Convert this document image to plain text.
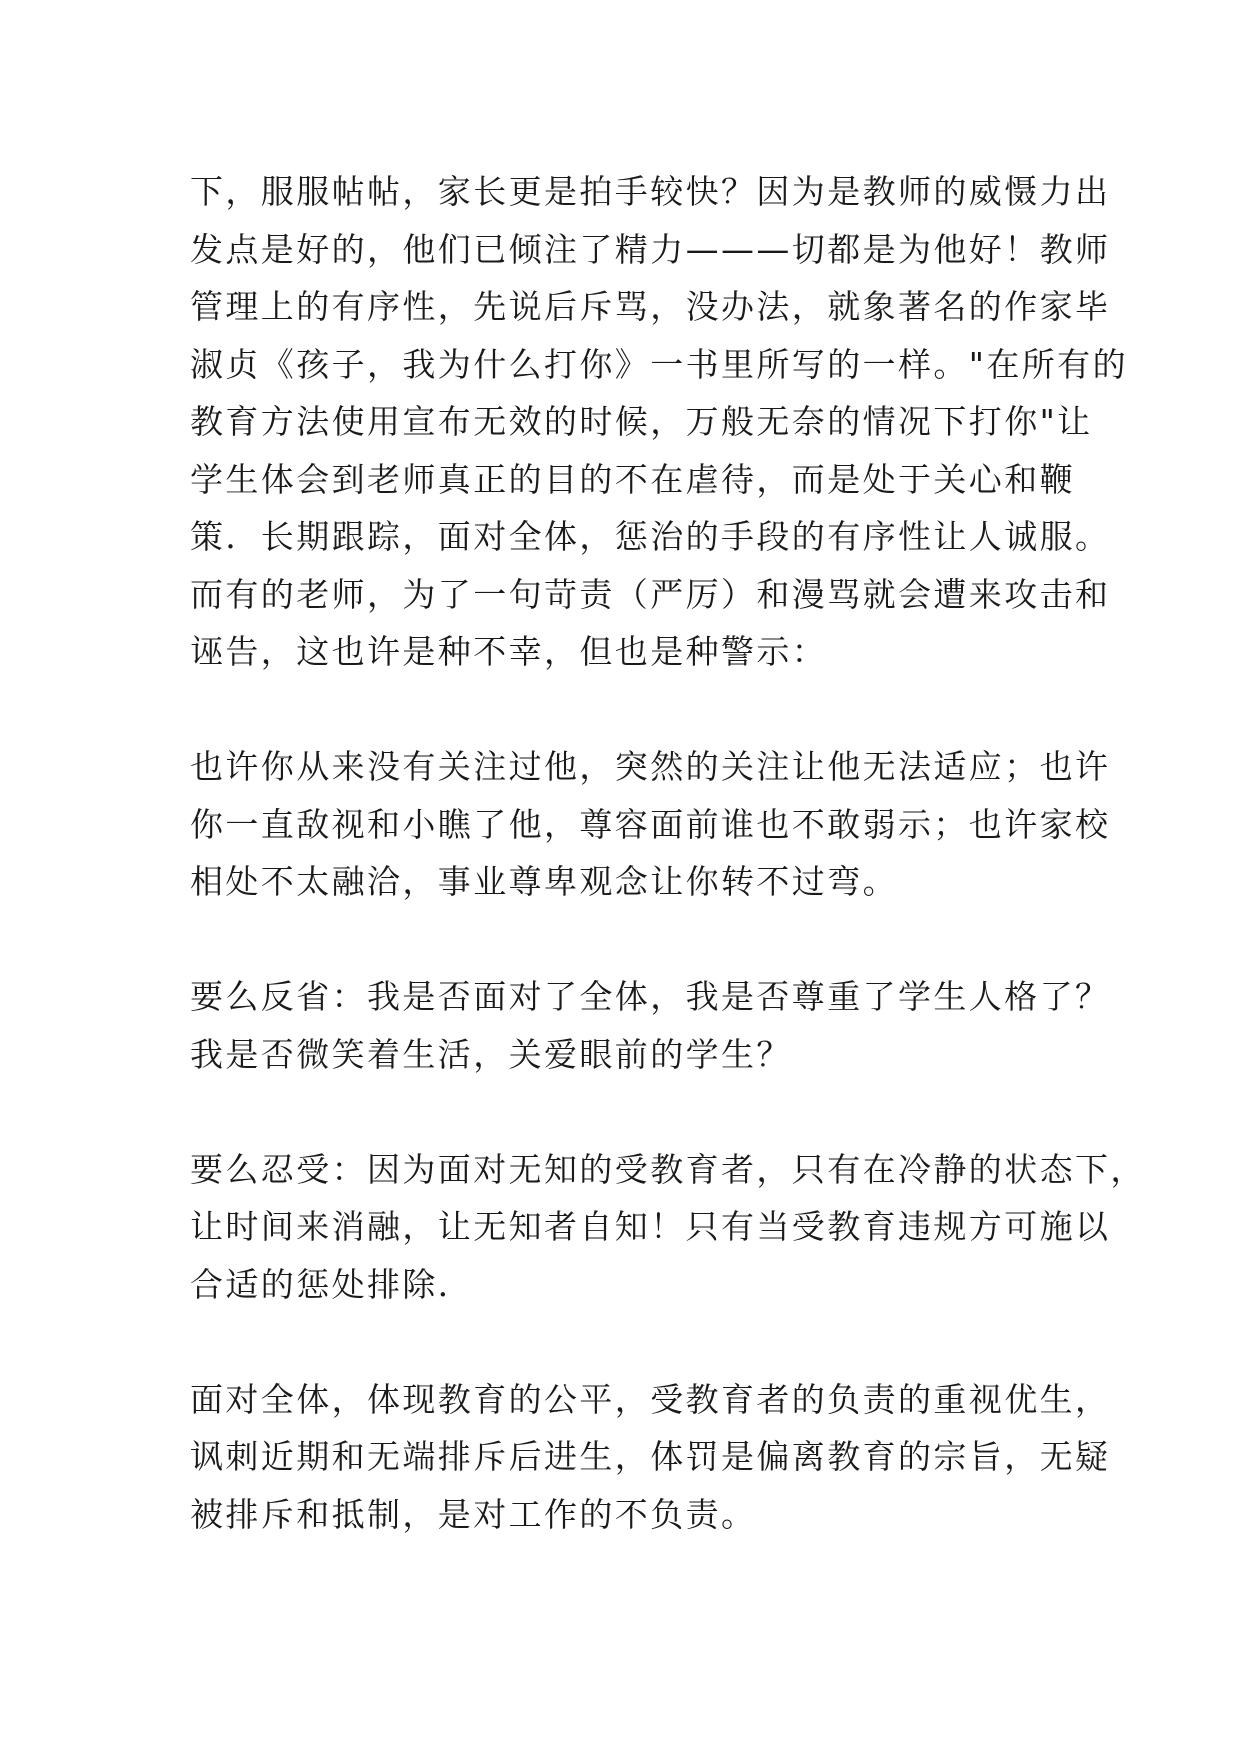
下，服服帖帖，家长更是拍手较快？因为是教师的威慑力出
发点是好的，他们已倾注了精力———切都是为他好！教师
管理上的有序性，先说后斥骂，没办法，就象著名的作家毕
淑贞《孩子，我为什么打你》一书里所写的一样。"在所有的
教育方法使用宣布无效的时候，万般无奈的情况下打你"让
学生体会到老师真正的目的不在虐待，而是处于关心和鞭
策．长期跟踪，面对全体，惩治的手段的有序性让人诚服。
而有的老师，为了一句苛责（严厉）和漫骂就会遭来攻击和
诬告，这也许是种不幸，但也是种警示：
也许你从来没有关注过他，突然的关注让他无法适应；也许
你一直敌视和小瞧了他，尊容面前谁也不敢弱示；也许家校
相处不太融洽，事业尊卑观念让你转不过弯。
要么反省：我是否面对了全体，我是否尊重了学生人格了？
我是否微笑着生活，关爱眼前的学生？
要么忍受：因为面对无知的受教育者，只有在冷静的状态下，
让时间来消融，让无知者自知！只有当受教育违规方可施以
合适的惩处排除．
面对全体，体现教育的公平，受教育者的负责的重视优生，
讽刺近期和无端排斥后进生，体罚是偏离教育的宗旨，无疑
被排斥和抵制，是对工作的不负责。
